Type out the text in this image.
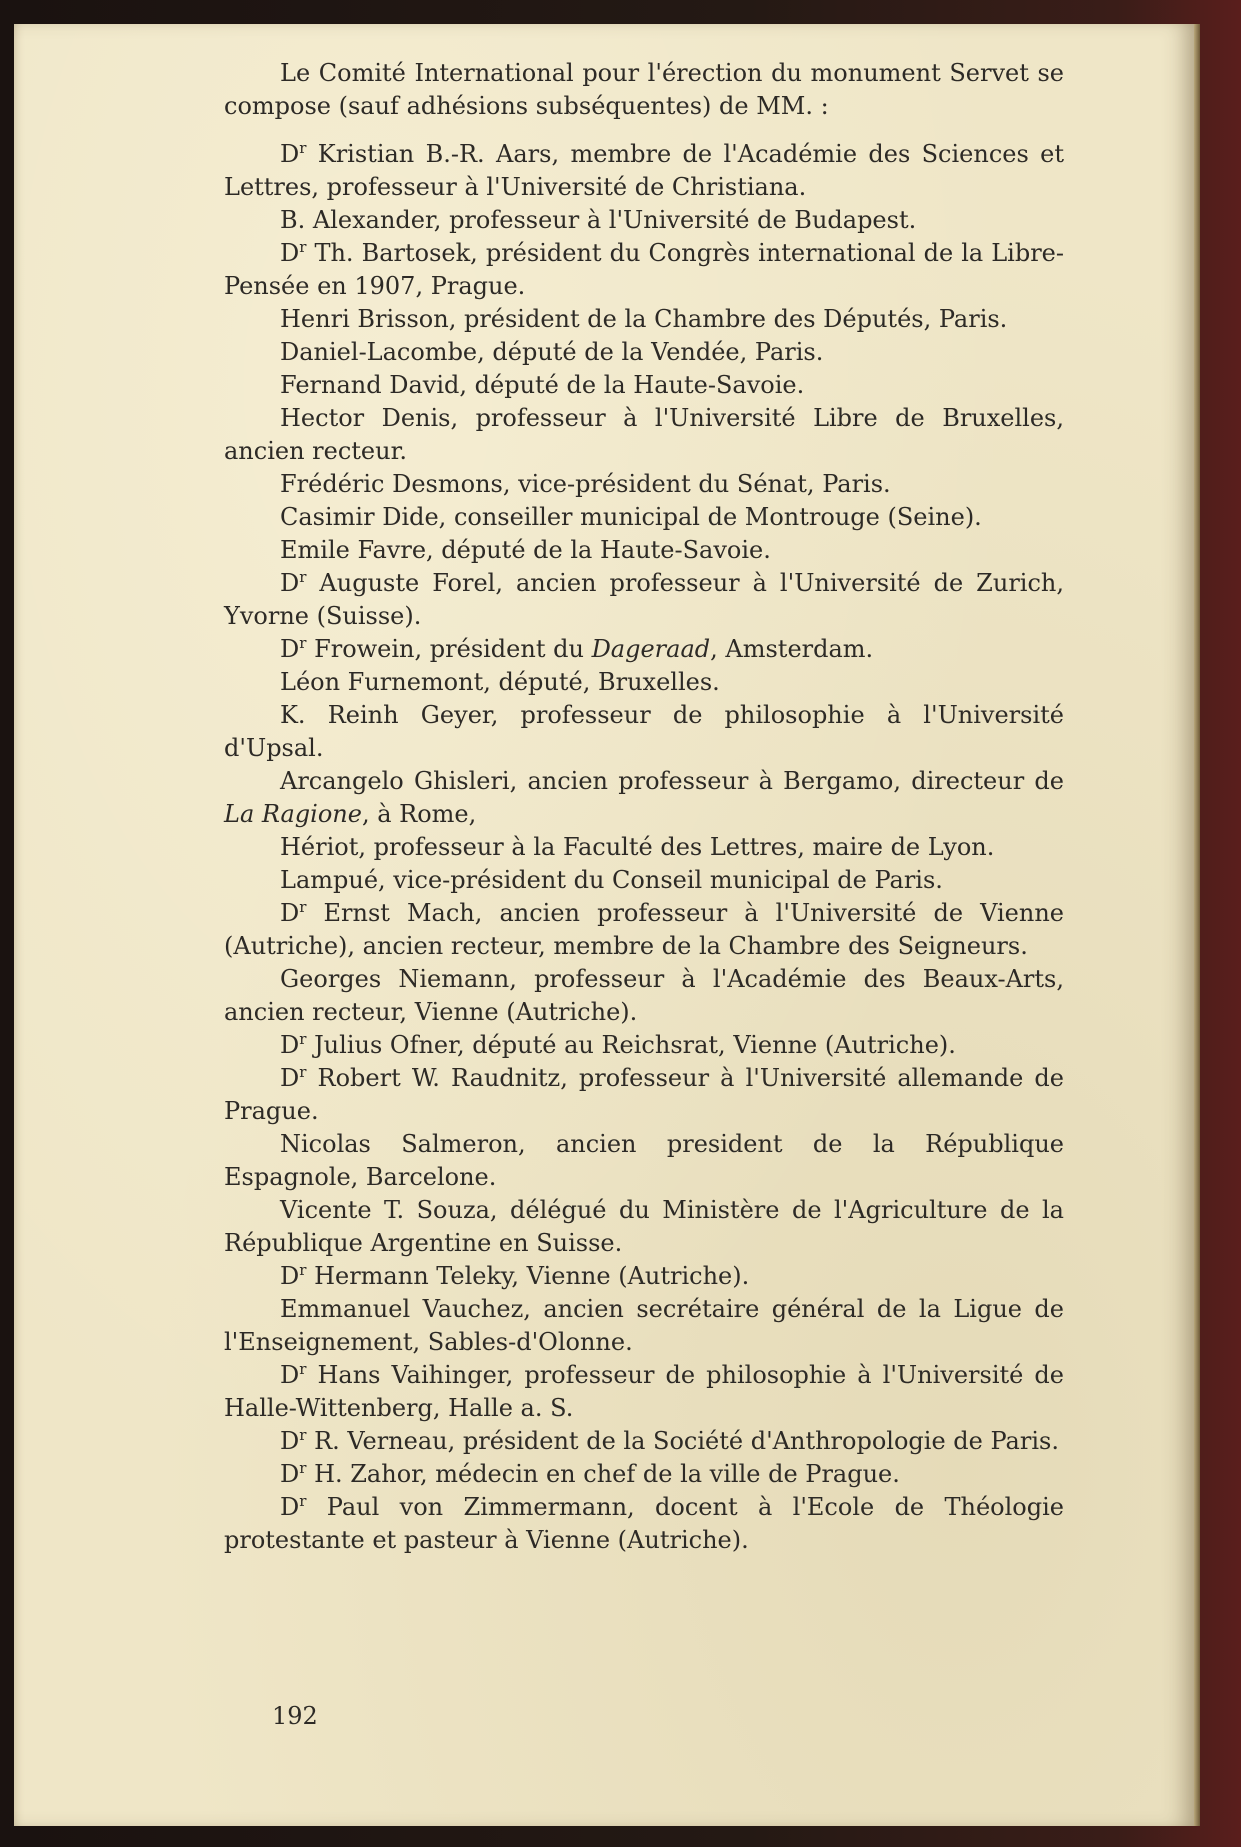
Le Comité International pour l'érection du monument Servet se compose (sauf adhésions subséquentes) de MM. :

$D^r$ Kristian B.-R. Aars, membre de l'Académie des Sciences et Lettres, professeur à l'Université de Christiana.

B. Alexander, professeur à l'Université de Budapest.

$D^r$ Th. Bartosek, président du Congrès international de la Libre-Pensée en 1907, Prague.

Henri Brisson, président de la Chambre des Députés, Paris.

Daniel-Lacombe, député de la Vendée, Paris.

Fernand David, député de la Haute-Savoie.

Hector Denis, professeur à l'Université Libre de Bruxelles, ancien recteur.

Frédéric Desmons, vice-président du Sénat, Paris.

Casimir Dide, conseiller municipal de Montrouge (Seine).

Emile Favre, député de la Haute-Savoie.

$D^r$ Auguste Forel, ancien professeur à l'Université de Zurich, Yvorne (Suisse).

$D^r$ Frowein, président du Dageraad, Amsterdam.

Léon Furnemont, député, Bruxelles.

K. Reinh Geyer, professeur de philosophie à l'Université d'Upsal.

Arcangelo Ghisleri, ancien professeur à Bergamo, directeur de La Ragione, à Rome,

Hériot, professeur à la Faculté des Lettres, maire de Lyon.

Lampué, vice-président du Conseil municipal de Paris.

$D^r$ Ernst Mach, ancien professeur à l'Université de Vienne (Autriche), ancien recteur, membre de la Chambre des Seigneurs.

Georges Niemann, professeur à l'Académie des Beaux-Arts, ancien recteur, Vienne (Autriche).

$D^r$ Julius Ofner, député au Reichsrat, Vienne (Autriche).

$D^r$ Robert W. Raudnitz, professeur à l'Université allemande de Prague.

Nicolas Salmeron, ancien president de la République Espagnole, Barcelone.

Vicente T. Souza, délégué du Ministère de l'Agriculture de la République Argentine en Suisse.

$D^r$ Hermann Teleky, Vienne (Autriche).

Emmanuel Vauchez, ancien secrétaire général de la Ligue de l'Enseignement, Sables-d'Olonne.

$D^r$ Hans Vaihinger, professeur de philosophie à l'Université de Halle-Wittenberg, Halle a. S.

$D^r$ R. Verneau, président de la Société d'Anthropologie de Paris.

$D^r$ H. Zahor, médecin en chef de la ville de Prague.

$D^r$ Paul von Zimmermann, docent à l'Ecole de Théologie protestante et pasteur à Vienne (Autriche).

192
